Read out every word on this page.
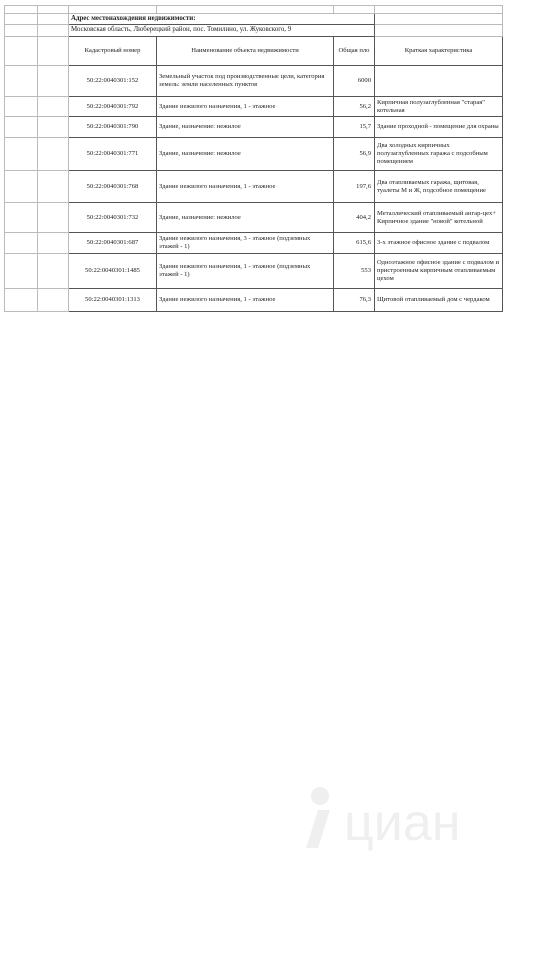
		Адрес местонахождения недвижимости:			
		Московская область, Люберецкий район, пос. Томилино, ул. Жуковского, 9			
		Кадастровый номер	Наименование объекта недвижимости	Общая пло	Краткая характеристика
		50:22:0040301:152	Земельный участок под производственные цели, категория земель: земли населенных пунктов	6000	
		50:22:0040301:792	Здание нежилого назначения, 1 - этажное	56,2	Кирпичная полузаглубленная "старая" котельная
		50:22:0040301:790	Здание, назначение: нежилое	15,7	Здание проходной - помещение для охраны
		50:22:0040301:771	Здание, назначение: нежилое	56,9	Два холодных кирпичных полузаглубленных гаража с подсобным помещением
		50:22:0040301:768	Здание нежилого назначения, 1 - этажное	197,6	Два отапливаемых гаража, щитовая, туалеты М и Ж, подсобное помещение
		50:22:0040301:732	Здание, назначение: нежилое	404,2	Металлический отапливаемый ангар-цех+ Кирпичное здание "новой" котельной
		50:22:0040301:687	Здание нежилого назначения, 3 - этажное (подземных этажей - 1)	615,6	3-х этажное офисное здание с подвалом
		50:22:0040301:1485	Здание нежилого назначения, 1 - этажное (подземных этажей - 1)	553	Одноэтажное офисное здание с подвалом и пристроенным кирпичным отапливаемым цехом
		50:22:0040301:1313	Здание нежилого назначения, 1 - этажное	76,3	Щитовой отапливаемый дом с чердаком
циан
